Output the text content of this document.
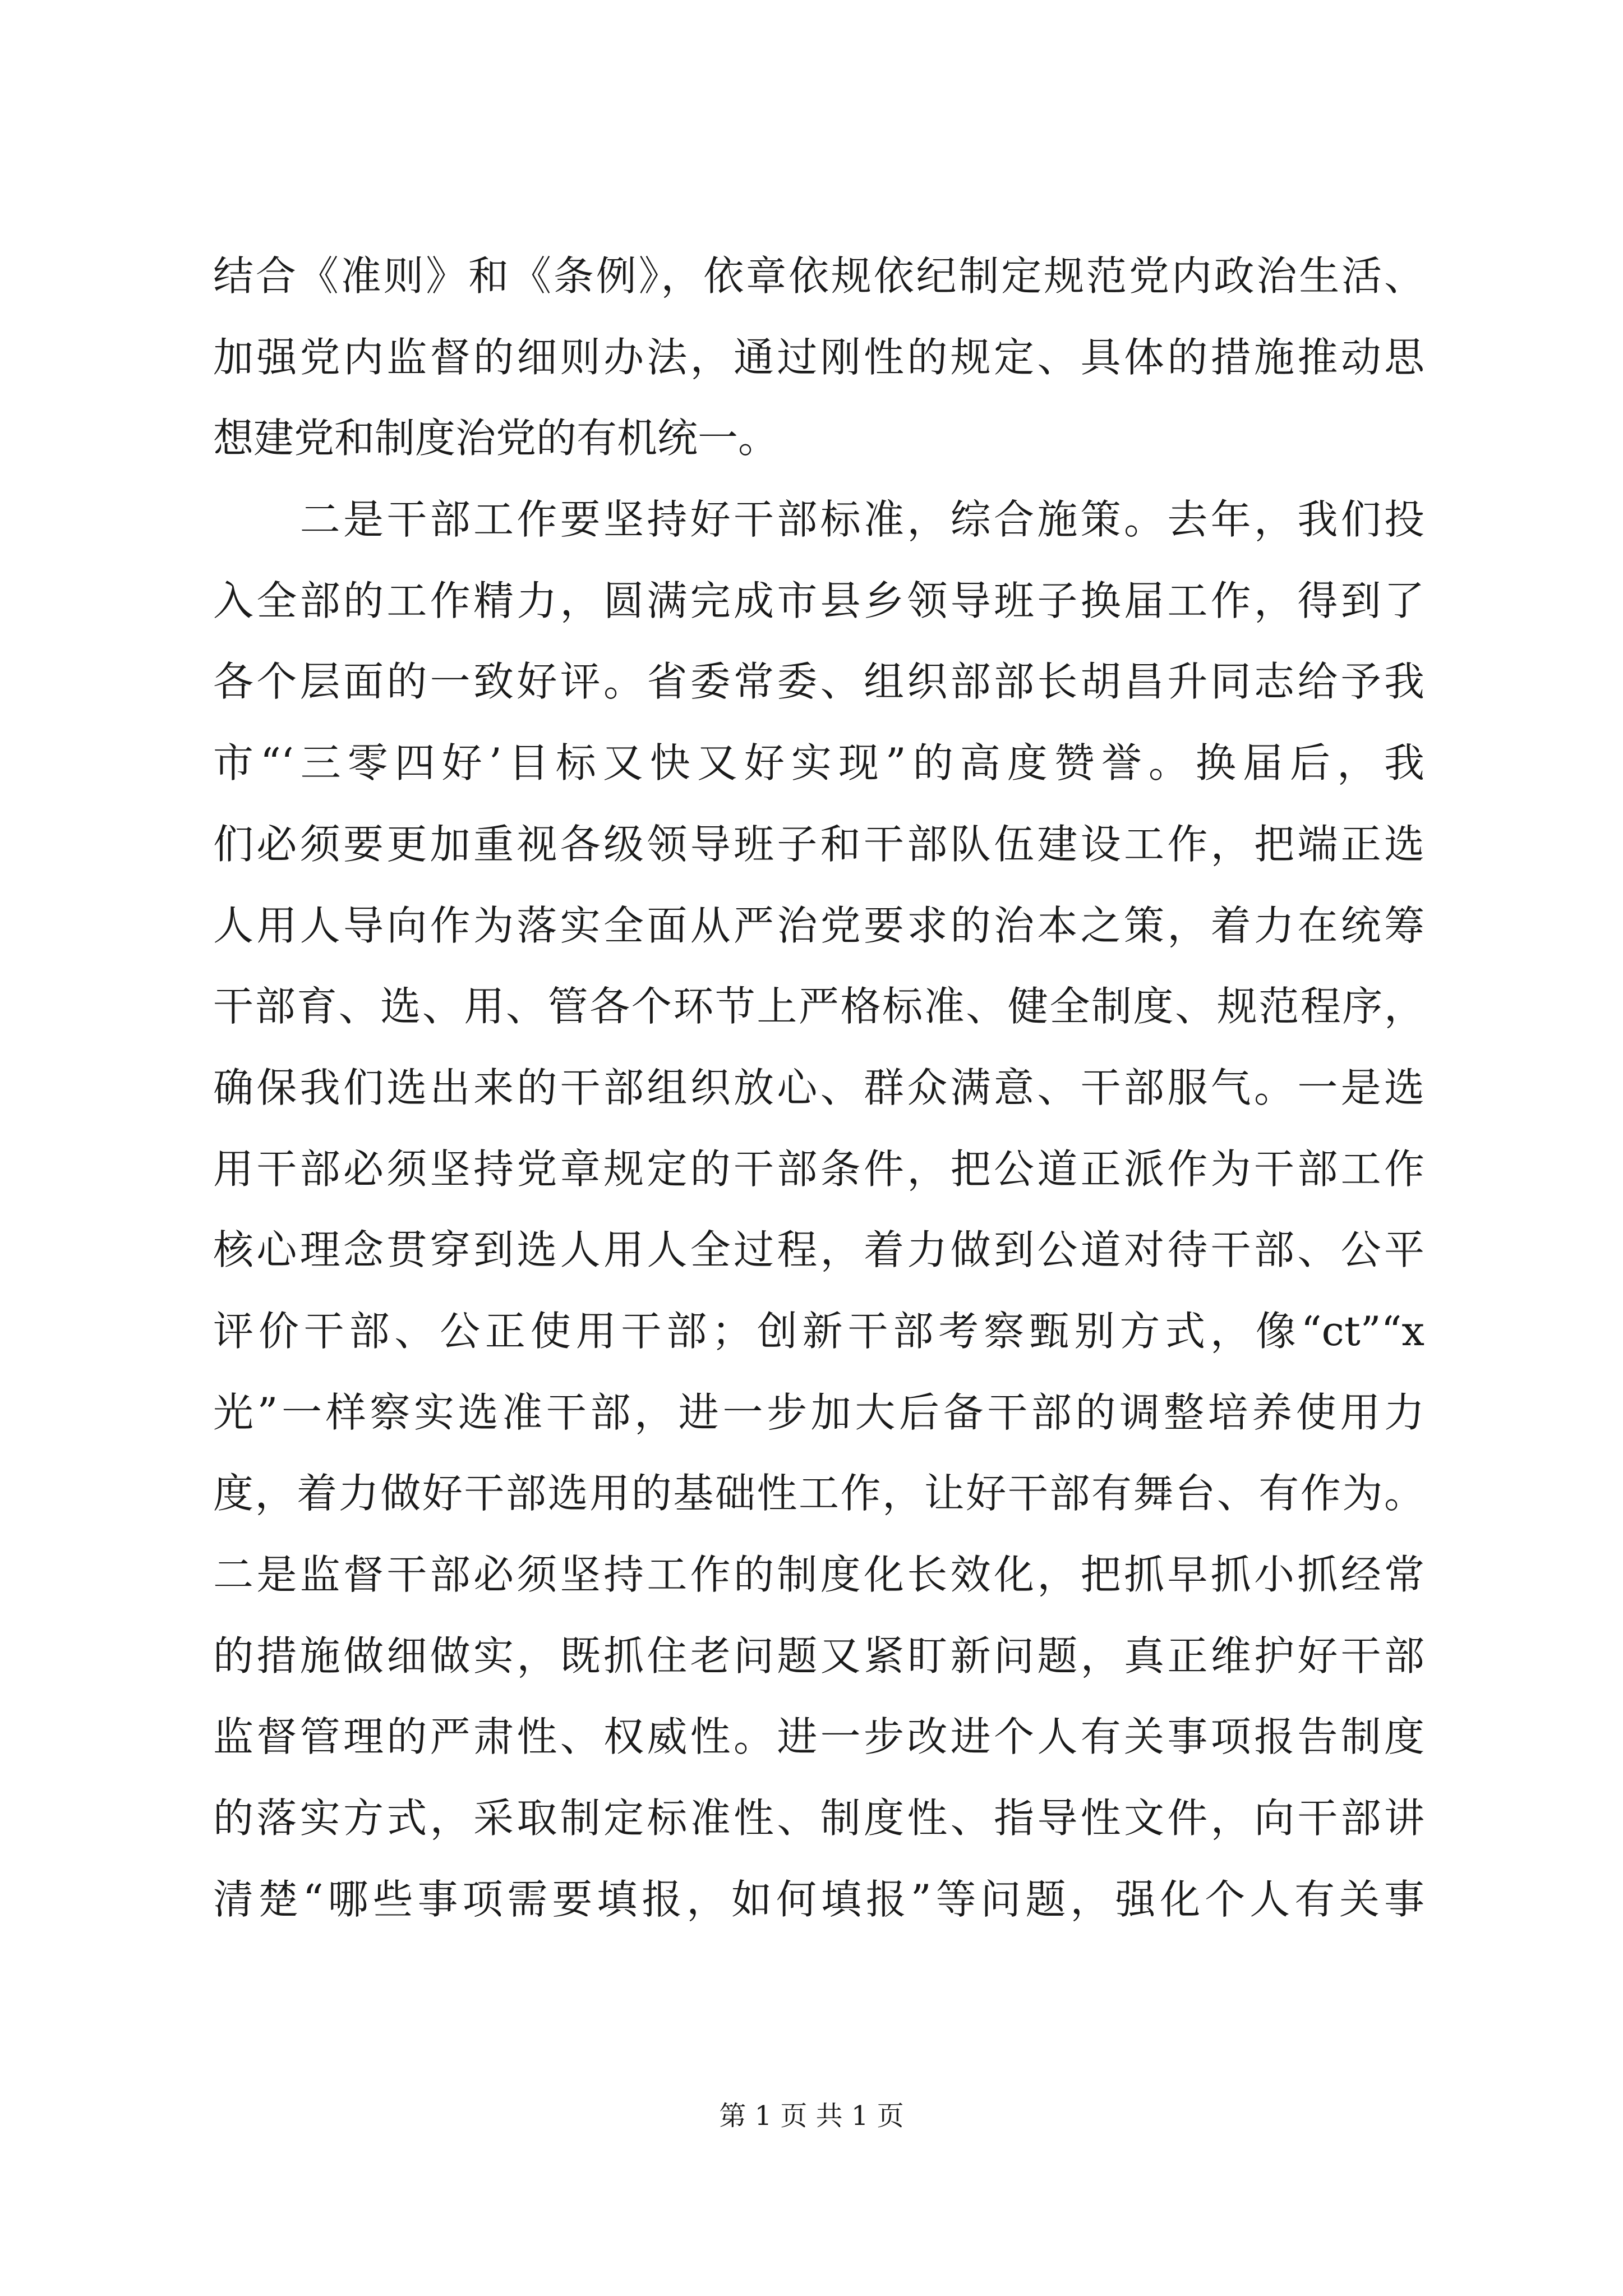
结合《准则》和《条例》，依章依规依纪制定规范党内政治生活、
加强党内监督的细则办法，通过刚性的规定、具体的措施推动思
想建党和制度治党的有机统一。
　　二是干部工作要坚持好干部标准，综合施策。去年，我们投
入全部的工作精力，圆满完成市县乡领导班子换届工作，得到了
各个层面的一致好评。省委常委、组织部部长胡昌升同志给予我
市“‘三零四好’目标又快又好实现”的高度赞誉。换届后，我
们必须要更加重视各级领导班子和干部队伍建设工作，把端正选
人用人导向作为落实全面从严治党要求的治本之策，着力在统筹
干部育、选、用、管各个环节上严格标准、健全制度、规范程序，
确保我们选出来的干部组织放心、群众满意、干部服气。一是选
用干部必须坚持党章规定的干部条件，把公道正派作为干部工作
核心理念贯穿到选人用人全过程，着力做到公道对待干部、公平
评价干部、公正使用干部；创新干部考察甄别方式，像“ct”“x
光”一样察实选准干部，进一步加大后备干部的调整培养使用力
度，着力做好干部选用的基础性工作，让好干部有舞台、有作为。
二是监督干部必须坚持工作的制度化长效化，把抓早抓小抓经常
的措施做细做实，既抓住老问题又紧盯新问题，真正维护好干部
监督管理的严肃性、权威性。进一步改进个人有关事项报告制度
的落实方式，采取制定标准性、制度性、指导性文件，向干部讲
清楚“哪些事项需要填报，如何填报”等问题，强化个人有关事
第 1 页 共 1 页
